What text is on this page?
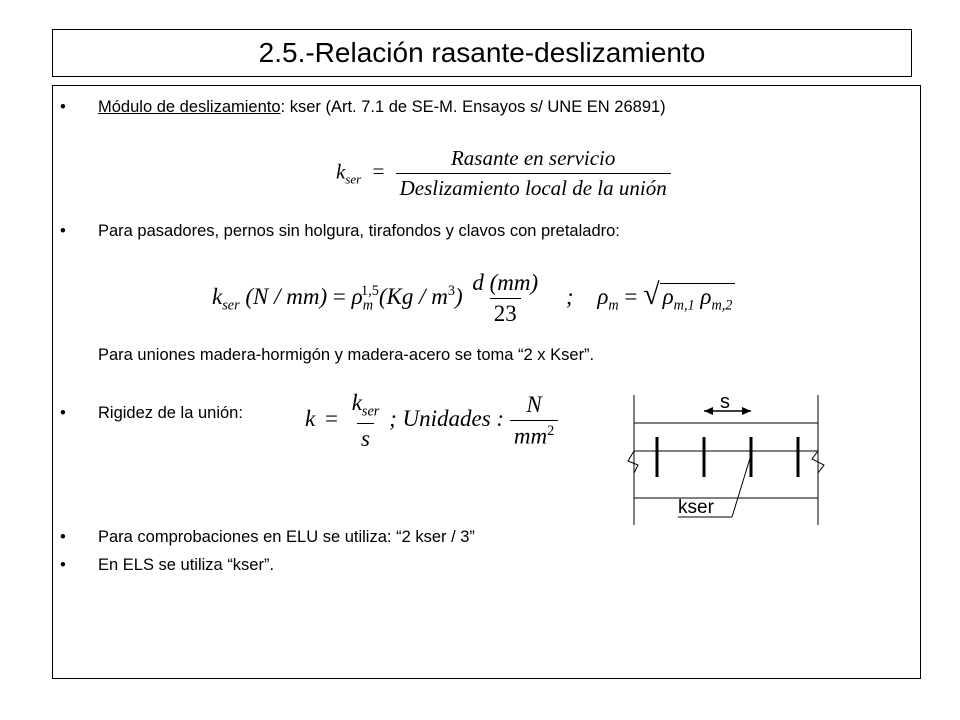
2.5.-Relación rasante-deslizamiento
• Módulo de deslizamiento: kser (Art. 7.1 de SE-M. Ensayos s/ UNE EN 26891)
$k_{ser} = \frac{\text{Rasante en servicio}}{\text{Deslizamiento local de la unión}}$
• Para pasadores, pernos sin holgura, tirafondos y clavos con pretaladro:
$k_{ser}$ $(N / mm) = \rho_m^{1,5}(Kg / m^3) \frac{d (mm)}{23}$ ; $\rho_m$ = √ $\rho_{m,1}$ $\rho_{m,2}$
Para uniones madera-hormigón y madera-acero se toma “2 x Kser”.
• Rigidez de la unión:	$k = \frac{k_{ser}}{s}$ ; Unidades : $\frac{N}{mm^2}$	s
kser
• Para comprobaciones en ELU se utiliza: “2 kser / 3”
• En ELS se utiliza “kser”.
